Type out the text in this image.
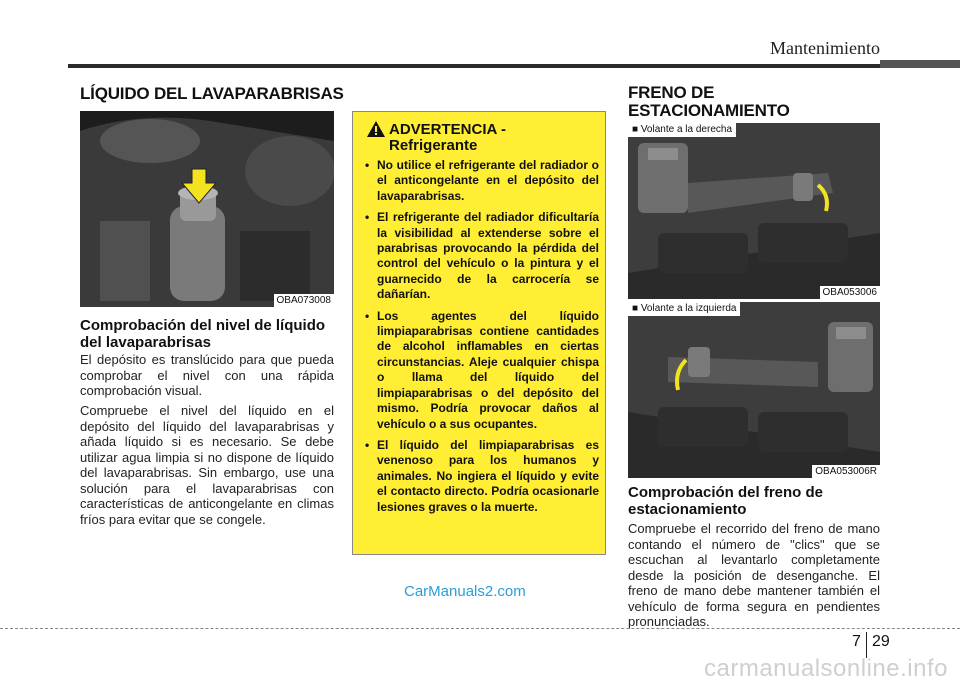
Mantenimiento
LÍQUIDO DEL LAVAPARABRISAS
OBA073008
Comprobación del nivel de líquido del lavaparabrisas
El depósito es translúcido para que pueda comprobar el nivel con una rápida comprobación visual.
Compruebe el nivel del líquido en el depósito del líquido del lavaparabrisas y añada líquido si es necesario. Se debe utilizar agua limpia si no dispone de líquido del lavaparabrisas. Sin embargo, use una solución para el lavaparabrisas con características de anticongelante en climas fríos para evitar que se congele.
ADVERTENCIA - Refrigerante
• No utilice el refrigerante del radiador o el anticongelante en el depósito del lavaparabrisas.
• El refrigerante del radiador dificultaría la visibilidad al extenderse sobre el parabrisas provocando la pérdida del control del vehículo o la pintura y el guarnecido de la carrocería se dañarían.
• Los agentes del líquido limpiaparabrisas contiene cantidades de alcohol inflamables en ciertas circunstancias. Aleje cualquier chispa o llama del líquido del limpiaparabrisas o del depósito del mismo. Podría provocar daños al vehículo o a sus ocupantes.
• El líquido del limpiaparabrisas es venenoso para los humanos y animales. No ingiera el líquido y evite el contacto directo. Podría ocasionarle lesiones graves o la muerte.
FRENO DE ESTACIONAMIENTO
■ Volante a la derecha
OBA053006
■ Volante a la izquierda
OBA053006R
Comprobación del freno de estacionamiento
Compruebe el recorrido del freno de mano contando el número de "clics" que se escuchan al levantarlo completamente desde la posición de desenganche. El freno de mano debe mantener también el vehículo de forma segura en pendientes pronunciadas.
CarManuals2.com
7 29
carmanualsonline.info
